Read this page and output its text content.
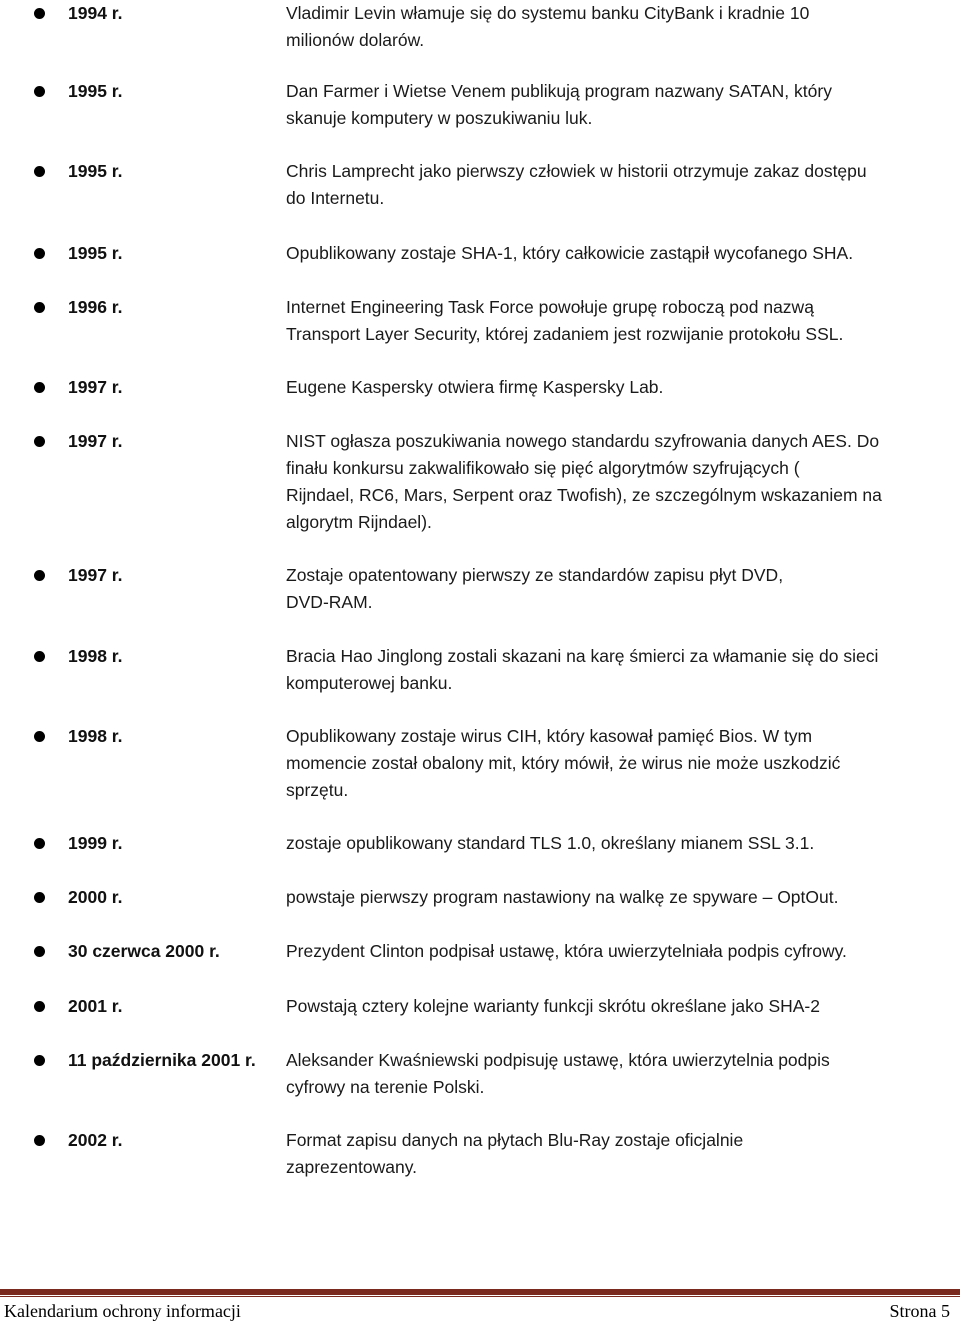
1994 r.	Vladimir Levin włamuje się do systemu banku CityBank i kradnie 10
milionów dolarów.
1995 r.	Dan Farmer i Wietse Venem publikują program nazwany SATAN, który
skanuje komputery w poszukiwaniu luk.
1995 r.	Chris Lamprecht jako pierwszy człowiek w historii otrzymuje zakaz dostępu
do Internetu.
1995 r.	Opublikowany zostaje SHA-1, który całkowicie zastąpił wycofanego SHA.
1996 r.	Internet Engineering Task Force powołuje grupę roboczą pod nazwą
Transport Layer Security, której zadaniem jest rozwijanie protokołu SSL.
1997 r.	Eugene Kaspersky otwiera firmę Kaspersky Lab.
1997 r.	NIST ogłasza poszukiwania nowego standardu szyfrowania danych AES. Do
finału konkursu zakwalifikowało się pięć algorytmów szyfrujących (
Rijndael, RC6, Mars, Serpent oraz Twofish), ze szczególnym wskazaniem na
algorytm Rijndael).
1997 r.	Zostaje opatentowany pierwszy ze standardów zapisu płyt DVD,
DVD-RAM.
1998 r.	Bracia Hao Jinglong zostali skazani na karę śmierci za włamanie się do sieci
komputerowej banku.
1998 r.	Opublikowany zostaje wirus CIH, który kasował pamięć Bios. W tym
momencie został obalony mit, który mówił, że wirus nie może uszkodzić
sprzętu.
1999 r.	zostaje opublikowany standard TLS 1.0, określany mianem SSL 3.1.
2000 r.	powstaje pierwszy program nastawiony na walkę ze spyware – OptOut.
30 czerwca 2000 r.	Prezydent Clinton podpisał ustawę, która uwierzytelniała podpis cyfrowy.
2001 r.	Powstają cztery kolejne warianty funkcji skrótu określane jako SHA-2
11 października 2001 r. Aleksander Kwaśniewski podpisuję ustawę, która uwierzytelnia podpis
cyfrowy na terenie Polski.
2002 r.	Format zapisu danych na płytach Blu-Ray zostaje oficjalnie
zaprezentowany.
Kalendarium ochrony informacji	Strona 5
